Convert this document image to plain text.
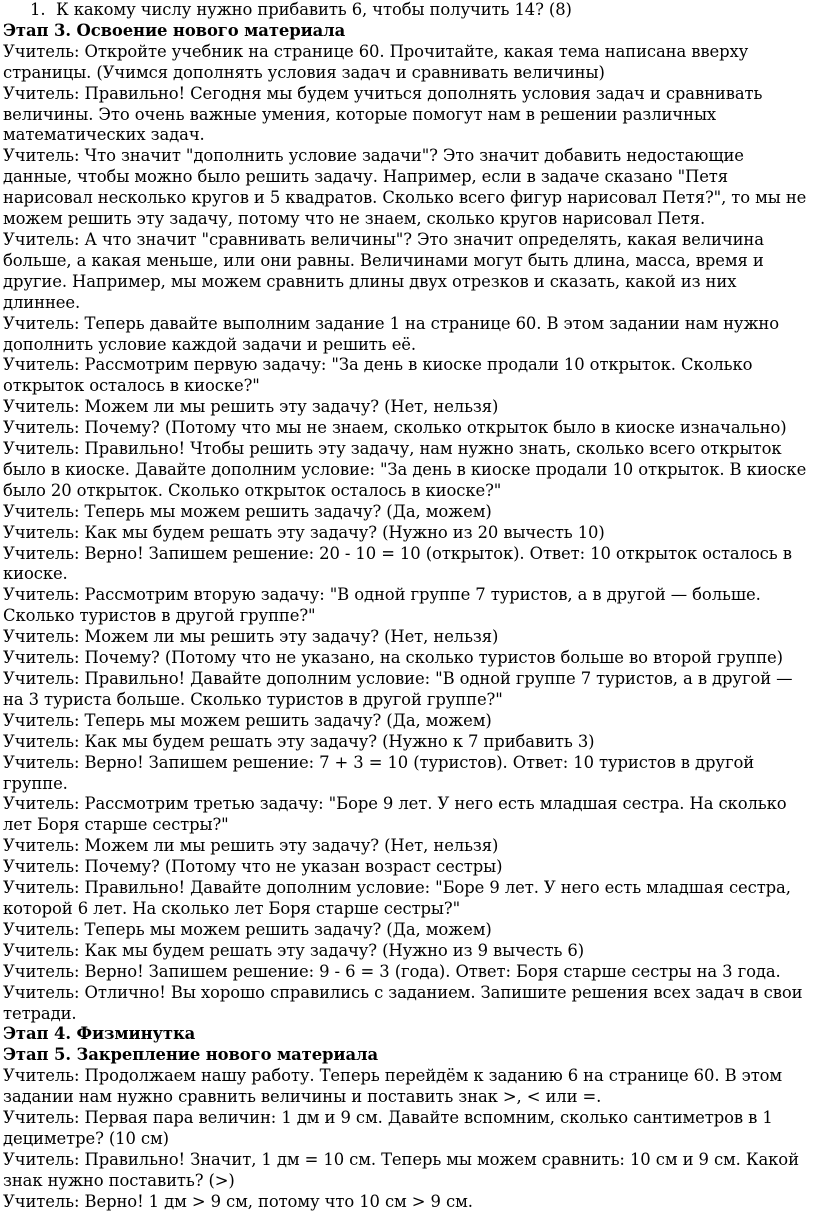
1. К какому числу нужно прибавить 6, чтобы получить 14? (8)
Этап 3. Освоение нового материала
Учитель: Откройте учебник на странице 60. Прочитайте, какая тема написана вверху страницы. (Учимся дополнять условия задач и сравнивать величины)
Учитель: Правильно! Сегодня мы будем учиться дополнять условия задач и сравнивать величины. Это очень важные умения, которые помогут нам в решении различных математических задач.
Учитель: Что значит "дополнить условие задачи"? Это значит добавить недостающие данные, чтобы можно было решить задачу. Например, если в задаче сказано "Петя нарисовал несколько кругов и 5 квадратов. Сколько всего фигур нарисовал Петя?", то мы не можем решить эту задачу, потому что не знаем, сколько кругов нарисовал Петя.
Учитель: А что значит "сравнивать величины"? Это значит определять, какая величина больше, а какая меньше, или они равны. Величинами могут быть длина, масса, время и другие. Например, мы можем сравнить длины двух отрезков и сказать, какой из них длиннее.
Учитель: Теперь давайте выполним задание 1 на странице 60. В этом задании нам нужно дополнить условие каждой задачи и решить её.
Учитель: Рассмотрим первую задачу: "За день в киоске продали 10 открыток. Сколько открыток осталось в киоске?"
Учитель: Можем ли мы решить эту задачу? (Нет, нельзя)
Учитель: Почему? (Потому что мы не знаем, сколько открыток было в киоске изначально)
Учитель: Правильно! Чтобы решить эту задачу, нам нужно знать, сколько всего открыток было в киоске. Давайте дополним условие: "За день в киоске продали 10 открыток. В киоске было 20 открыток. Сколько открыток осталось в киоске?"
Учитель: Теперь мы можем решить задачу? (Да, можем)
Учитель: Как мы будем решать эту задачу? (Нужно из 20 вычесть 10)
Учитель: Верно! Запишем решение: 20 - 10 = 10 (открыток). Ответ: 10 открыток осталось в киоске.
Учитель: Рассмотрим вторую задачу: "В одной группе 7 туристов, а в другой — больше. Сколько туристов в другой группе?"
Учитель: Можем ли мы решить эту задачу? (Нет, нельзя)
Учитель: Почему? (Потому что не указано, на сколько туристов больше во второй группе)
Учитель: Правильно! Давайте дополним условие: "В одной группе 7 туристов, а в другой — на 3 туриста больше. Сколько туристов в другой группе?"
Учитель: Теперь мы можем решить задачу? (Да, можем)
Учитель: Как мы будем решать эту задачу? (Нужно к 7 прибавить 3)
Учитель: Верно! Запишем решение: 7 + 3 = 10 (туристов). Ответ: 10 туристов в другой группе.
Учитель: Рассмотрим третью задачу: "Боре 9 лет. У него есть младшая сестра. На сколько лет Боря старше сестры?"
Учитель: Можем ли мы решить эту задачу? (Нет, нельзя)
Учитель: Почему? (Потому что не указан возраст сестры)
Учитель: Правильно! Давайте дополним условие: "Боре 9 лет. У него есть младшая сестра, которой 6 лет. На сколько лет Боря старше сестры?"
Учитель: Теперь мы можем решить задачу? (Да, можем)
Учитель: Как мы будем решать эту задачу? (Нужно из 9 вычесть 6)
Учитель: Верно! Запишем решение: 9 - 6 = 3 (года). Ответ: Боря старше сестры на 3 года.
Учитель: Отлично! Вы хорошо справились с заданием. Запишите решения всех задач в свои тетради.
Этап 4. Физминутка
Этап 5. Закрепление нового материала
Учитель: Продолжаем нашу работу. Теперь перейдём к заданию 6 на странице 60. В этом задании нам нужно сравнить величины и поставить знак >, < или =.
Учитель: Первая пара величин: 1 дм и 9 см. Давайте вспомним, сколько сантиметров в 1 дециметре? (10 см)
Учитель: Правильно! Значит, 1 дм = 10 см. Теперь мы можем сравнить: 10 см и 9 см. Какой знак нужно поставить? (>)
Учитель: Верно! 1 дм > 9 см, потому что 10 см > 9 см.
